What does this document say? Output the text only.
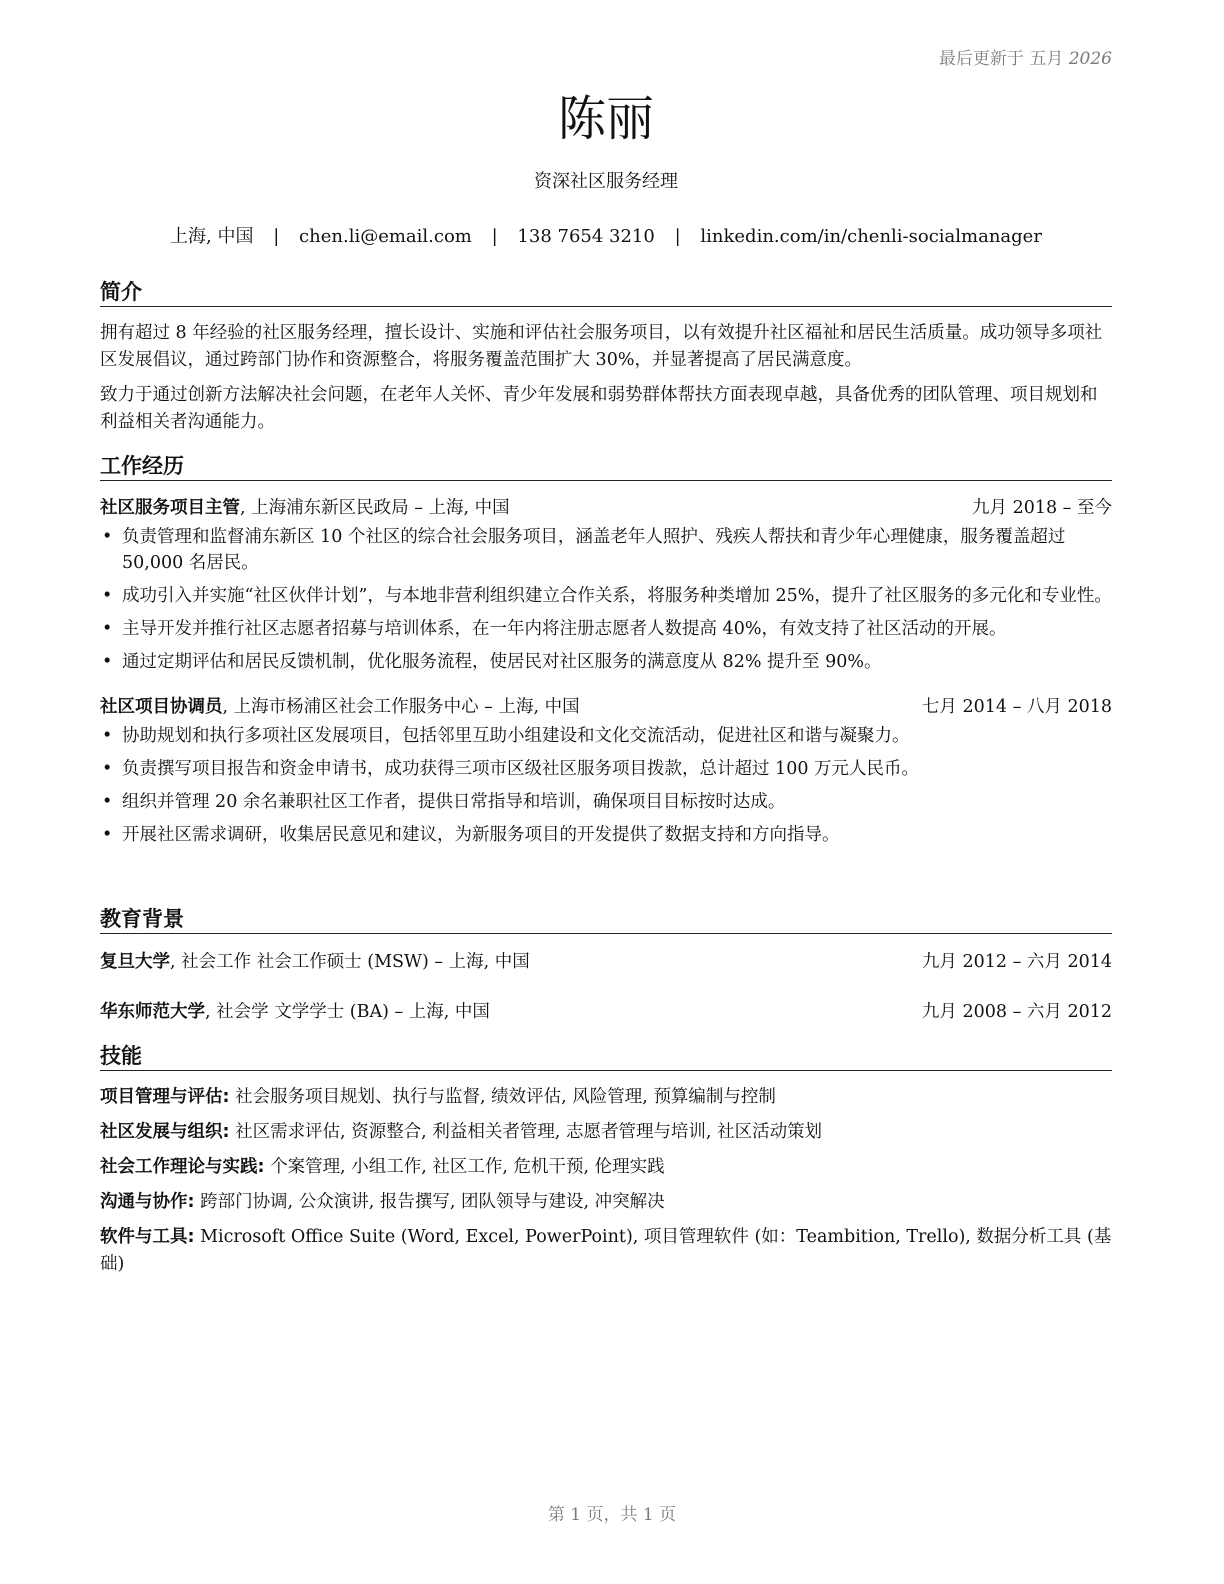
最后更新于 五月 2026
陈丽
资深社区服务经理
上海, 中国 | chen.li@email.com | 138 7654 3210 | linkedin.com/in/chenli-socialmanager
简介

拥有超过 8 年经验的社区服务经理，擅长设计、实施和评估社会服务项目，以有效提升社区福祉和居民生活质量。成功领导多项社区发展倡议，通过跨部门协作和资源整合，将服务覆盖范围扩大 30%，并显著提高了居民满意度。

致力于通过创新方法解决社会问题，在老年人关怀、青少年发展和弱势群体帮扶方面表现卓越，具备优秀的团队管理、项目规划和利益相关者沟通能力。

工作经历
社区服务项目主管, 上海浦东新区民政局 – 上海, 中国	九月 2018 – 至今
• 负责管理和监督浦东新区 10 个社区的综合社会服务项目，涵盖老年人照护、残疾人帮扶和青少年心理健康，服务覆盖超过 50,000 名居民。
• 成功引入并实施“社区伙伴计划”，与本地非营利组织建立合作关系，将服务种类增加 25%，提升了社区服务的多元化和专业性。
• 主导开发并推行社区志愿者招募与培训体系，在一年内将注册志愿者人数提高 40%，有效支持了社区活动的开展。
• 通过定期评估和居民反馈机制，优化服务流程，使居民对社区服务的满意度从 82% 提升至 90%。
社区项目协调员, 上海市杨浦区社会工作服务中心 – 上海, 中国	七月 2014 – 八月 2018
• 协助规划和执行多项社区发展项目，包括邻里互助小组建设和文化交流活动，促进社区和谐与凝聚力。
• 负责撰写项目报告和资金申请书，成功获得三项市区级社区服务项目拨款，总计超过 100 万元人民币。
• 组织并管理 20 余名兼职社区工作者，提供日常指导和培训，确保项目目标按时达成。
• 开展社区需求调研，收集居民意见和建议，为新服务项目的开发提供了数据支持和方向指导。
教育背景
复旦大学, 社会工作 社会工作硕士 (MSW) – 上海, 中国	九月 2012 – 六月 2014
华东师范大学, 社会学 文学学士 (BA) – 上海, 中国	九月 2008 – 六月 2012
技能

项目管理与评估: 社会服务项目规划、执行与监督, 绩效评估, 风险管理, 预算编制与控制

社区发展与组织: 社区需求评估, 资源整合, 利益相关者管理, 志愿者管理与培训, 社区活动策划

社会工作理论与实践: 个案管理, 小组工作, 社区工作, 危机干预, 伦理实践

沟通与协作: 跨部门协调, 公众演讲, 报告撰写, 团队领导与建设, 冲突解决

软件与工具: Microsoft Office Suite (Word, Excel, PowerPoint), 项目管理软件 (如：Teambition, Trello), 数据分析工具 (基础)

第 1 页，共 1 页
